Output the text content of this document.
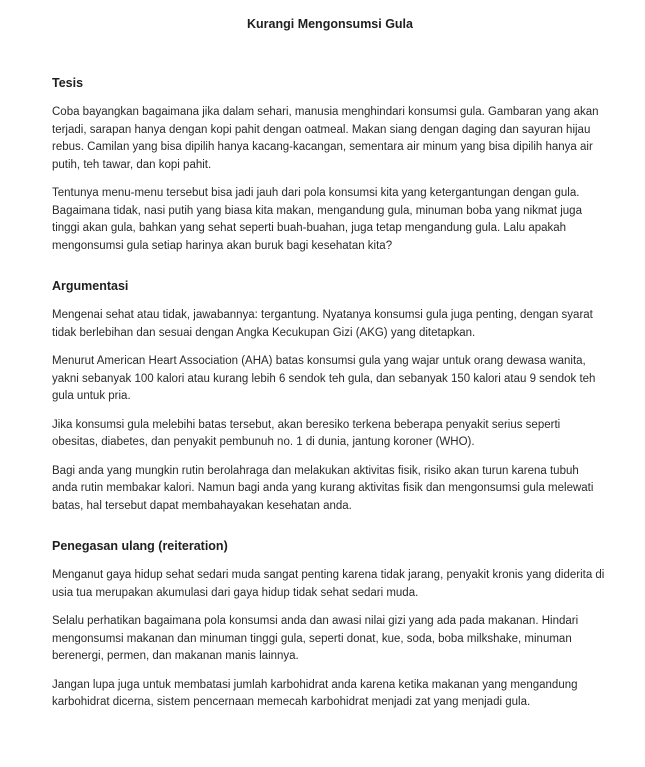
Kurangi Mengonsumsi Gula
Tesis

Coba bayangkan bagaimana jika dalam sehari, manusia menghindari konsumsi gula. Gambaran yang akan terjadi, sarapan hanya dengan kopi pahit dengan oatmeal. Makan siang dengan daging dan sayuran hijau rebus. Camilan yang bisa dipilih hanya kacang-kacangan, sementara air minum yang bisa dipilih hanya air putih, teh tawar, dan kopi pahit.

Tentunya menu-menu tersebut bisa jadi jauh dari pola konsumsi kita yang ketergantungan dengan gula. Bagaimana tidak, nasi putih yang biasa kita makan, mengandung gula, minuman boba yang nikmat juga tinggi akan gula, bahkan yang sehat seperti buah-buahan, juga tetap mengandung gula. Lalu apakah mengonsumsi gula setiap harinya akan buruk bagi kesehatan kita?

Argumentasi

Mengenai sehat atau tidak, jawabannya: tergantung. Nyatanya konsumsi gula juga penting, dengan syarat tidak berlebihan dan sesuai dengan Angka Kecukupan Gizi (AKG) yang ditetapkan.

Menurut American Heart Association (AHA) batas konsumsi gula yang wajar untuk orang dewasa wanita, yakni sebanyak 100 kalori atau kurang lebih 6 sendok teh gula, dan sebanyak 150 kalori atau 9 sendok teh gula untuk pria.

Jika konsumsi gula melebihi batas tersebut, akan beresiko terkena beberapa penyakit serius seperti obesitas, diabetes, dan penyakit pembunuh no. 1 di dunia, jantung koroner (WHO).

Bagi anda yang mungkin rutin berolahraga dan melakukan aktivitas fisik, risiko akan turun karena tubuh anda rutin membakar kalori. Namun bagi anda yang kurang aktivitas fisik dan mengonsumsi gula melewati batas, hal tersebut dapat membahayakan kesehatan anda.

Penegasan ulang (reiteration)

Menganut gaya hidup sehat sedari muda sangat penting karena tidak jarang, penyakit kronis yang diderita di usia tua merupakan akumulasi dari gaya hidup tidak sehat sedari muda.

Selalu perhatikan bagaimana pola konsumsi anda dan awasi nilai gizi yang ada pada makanan. Hindari mengonsumsi makanan dan minuman tinggi gula, seperti donat, kue, soda, boba milkshake, minuman berenergi, permen, dan makanan manis lainnya.

Jangan lupa juga untuk membatasi jumlah karbohidrat anda karena ketika makanan yang mengandung karbohidrat dicerna, sistem pencernaan memecah karbohidrat menjadi zat yang menjadi gula.
